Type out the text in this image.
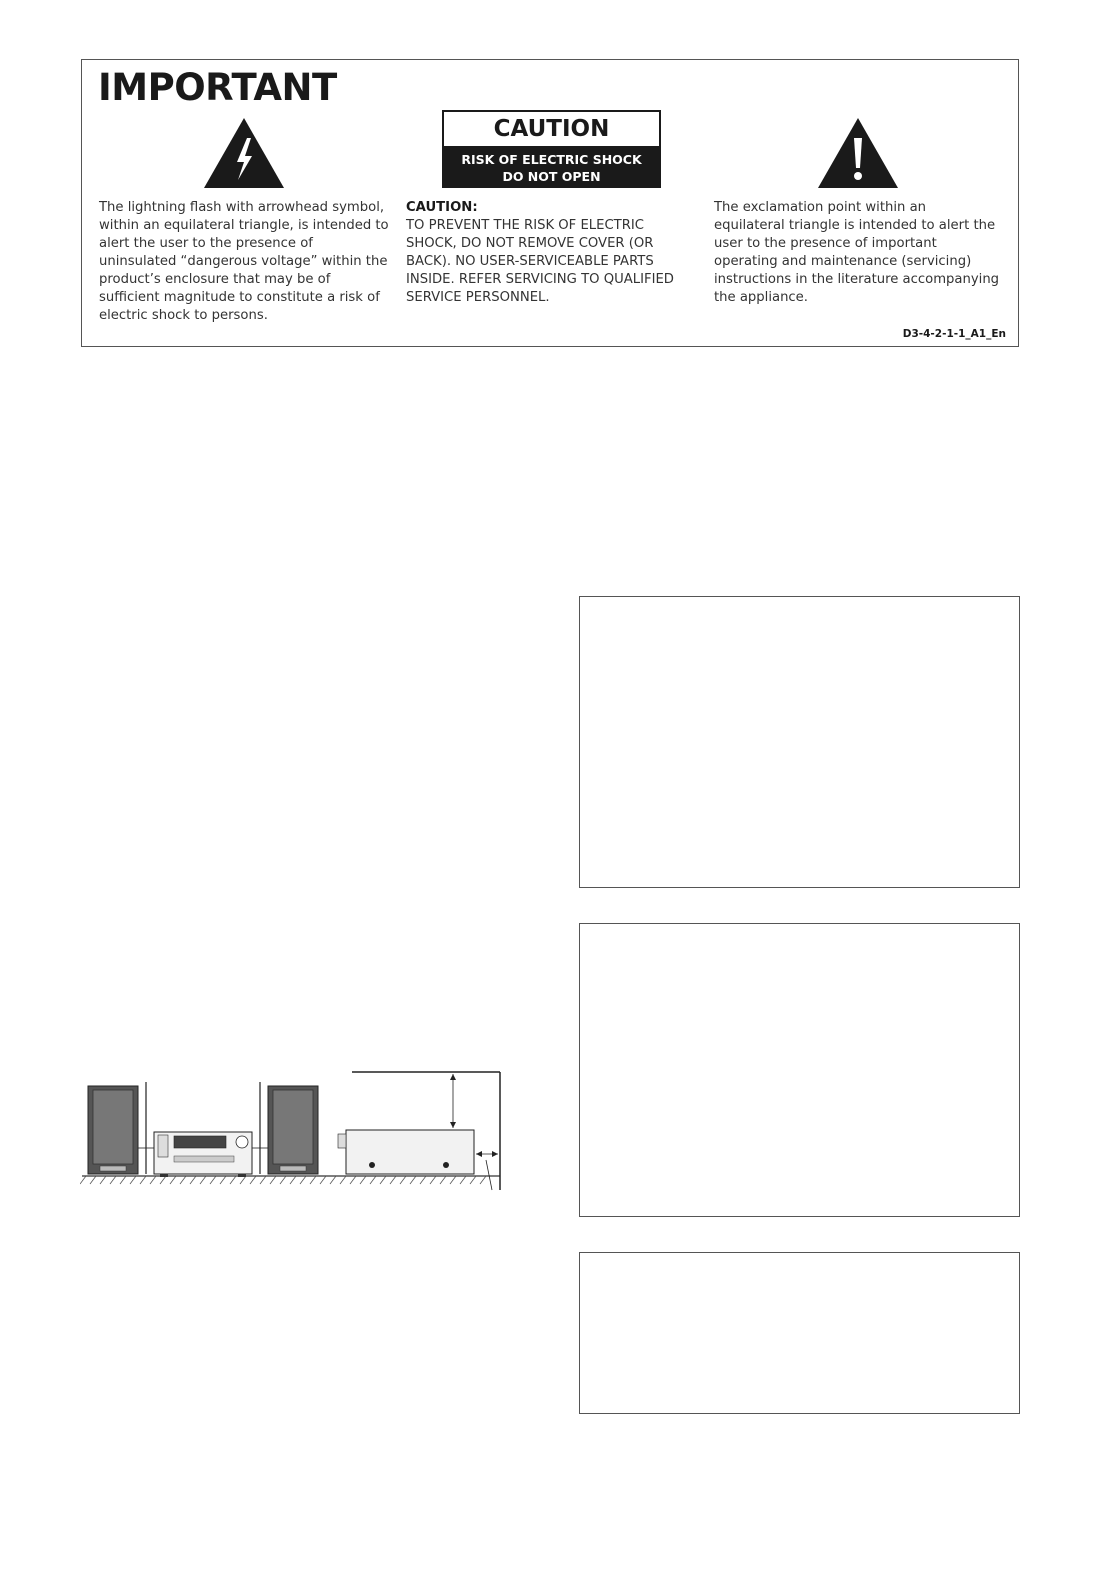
IMPORTANT
CAUTION
RISK OF ELECTRIC SHOCK
DO NOT OPEN
The lightning flash with arrowhead symbol, within an equilateral triangle, is intended to alert the user to the presence of uninsulated “dangerous voltage” within the product’s enclosure that may be of sufficient magnitude to constitute a risk of electric shock to persons.
CAUTION:
TO PREVENT THE RISK OF ELECTRIC SHOCK, DO NOT REMOVE COVER (OR BACK). NO USER-SERVICEABLE PARTS INSIDE. REFER SERVICING TO QUALIFIED SERVICE PERSONNEL.
The exclamation point within an equilateral triangle is intended to alert the user to the presence of important operating and maintenance (servicing) instructions in the literature accompanying the appliance.
D3-4-2-1-1_A1_En
